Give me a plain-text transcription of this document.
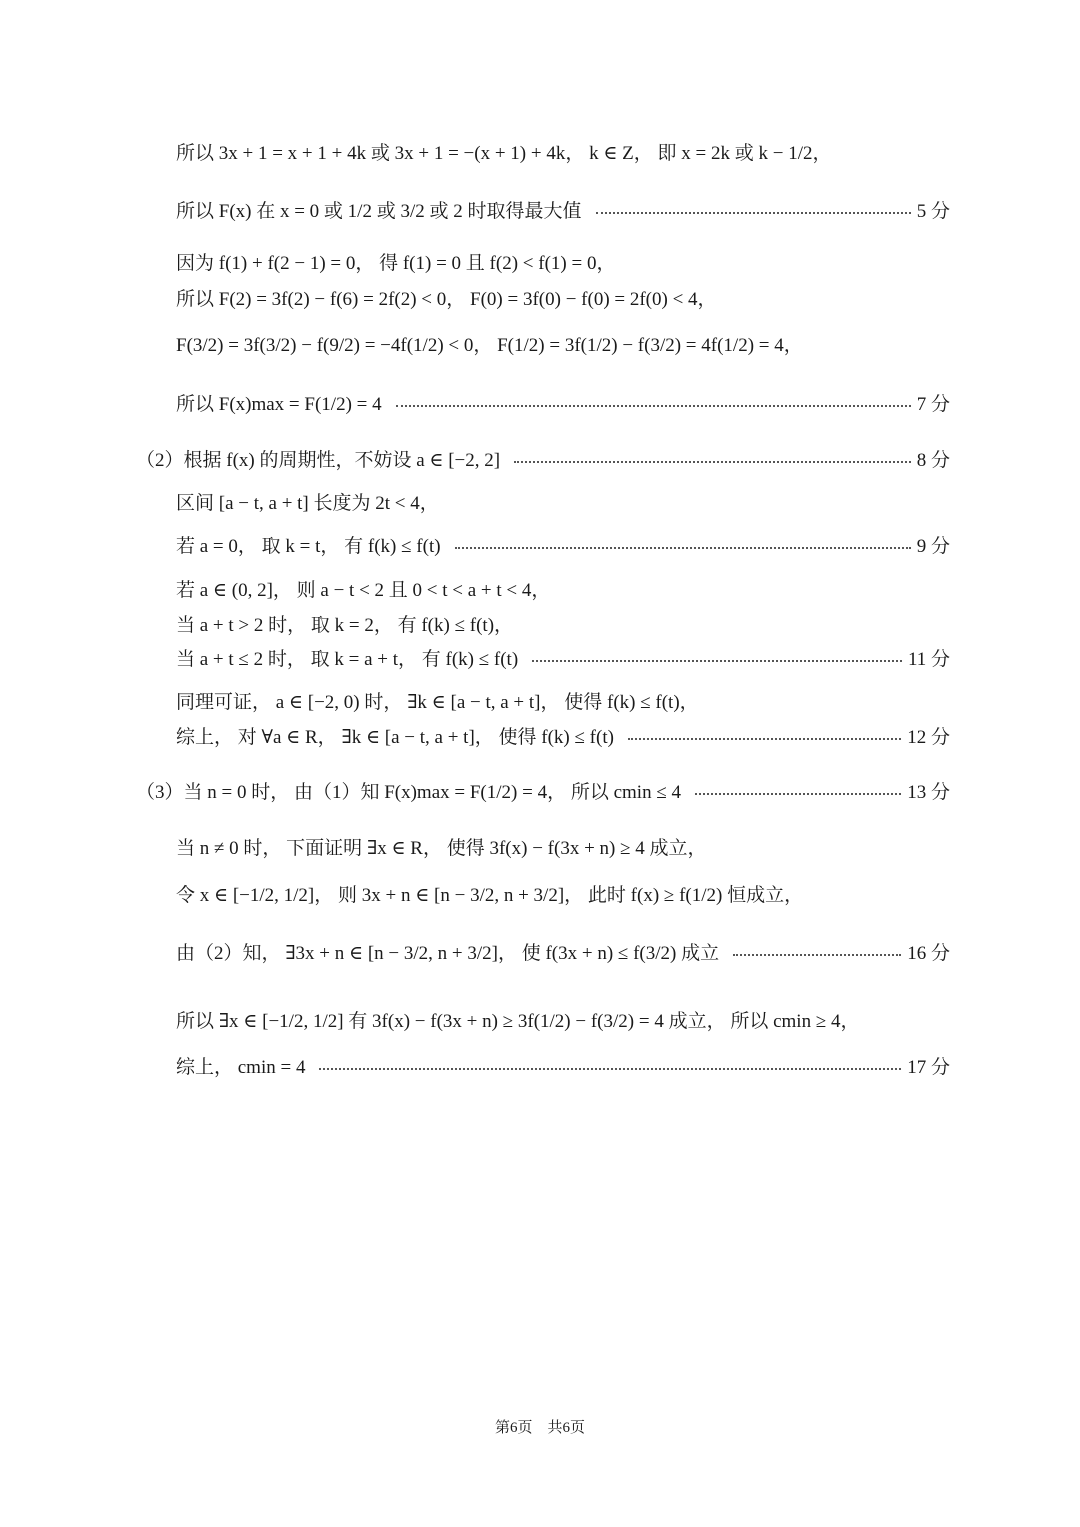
所以 3x + 1 = x + 1 + 4k 或 3x + 1 = −(x + 1) + 4k， k ∈ Z， 即 x = 2k 或 k − 1/2，
所以 F(x) 在 x = 0 或 1/2 或 3/2 或 2 时取得最大值	5 分
因为 f(1) + f(2 − 1) = 0， 得 f(1) = 0 且 f(2) < f(1) = 0，
所以 F(2) = 3f(2) − f(6) = 2f(2) < 0， F(0) = 3f(0) − f(0) = 2f(0) < 4，
F(3/2) = 3f(3/2) − f(9/2) = −4f(1/2) < 0， F(1/2) = 3f(1/2) − f(3/2) = 4f(1/2) = 4，
所以 F(x)max = F(1/2) = 4	7 分
（2）根据 f(x) 的周期性，不妨设 a ∈ [−2, 2]	8 分
区间 [a − t, a + t] 长度为 2t < 4，
若 a = 0， 取 k = t， 有 f(k) ≤ f(t)	9 分
若 a ∈ (0, 2]， 则 a − t < 2 且 0 < t < a + t < 4，
当 a + t > 2 时， 取 k = 2， 有 f(k) ≤ f(t)，
当 a + t ≤ 2 时， 取 k = a + t， 有 f(k) ≤ f(t)	11 分
同理可证， a ∈ [−2, 0) 时， ∃k ∈ [a − t, a + t]， 使得 f(k) ≤ f(t)，
综上， 对 ∀a ∈ R， ∃k ∈ [a − t, a + t]， 使得 f(k) ≤ f(t)	12 分
（3）当 n = 0 时， 由（1）知 F(x)max = F(1/2) = 4， 所以 cmin ≤ 4	13 分
当 n ≠ 0 时， 下面证明 ∃x ∈ R， 使得 3f(x) − f(3x + n) ≥ 4 成立，
令 x ∈ [−1/2, 1/2]， 则 3x + n ∈ [n − 3/2, n + 3/2]， 此时 f(x) ≥ f(1/2) 恒成立，
由（2）知， ∃3x + n ∈ [n − 3/2, n + 3/2]， 使 f(3x + n) ≤ f(3/2) 成立	16 分
所以 ∃x ∈ [−1/2, 1/2] 有 3f(x) − f(3x + n) ≥ 3f(1/2) − f(3/2) = 4 成立， 所以 cmin ≥ 4，
综上， cmin = 4	17 分
第6页　共6页
